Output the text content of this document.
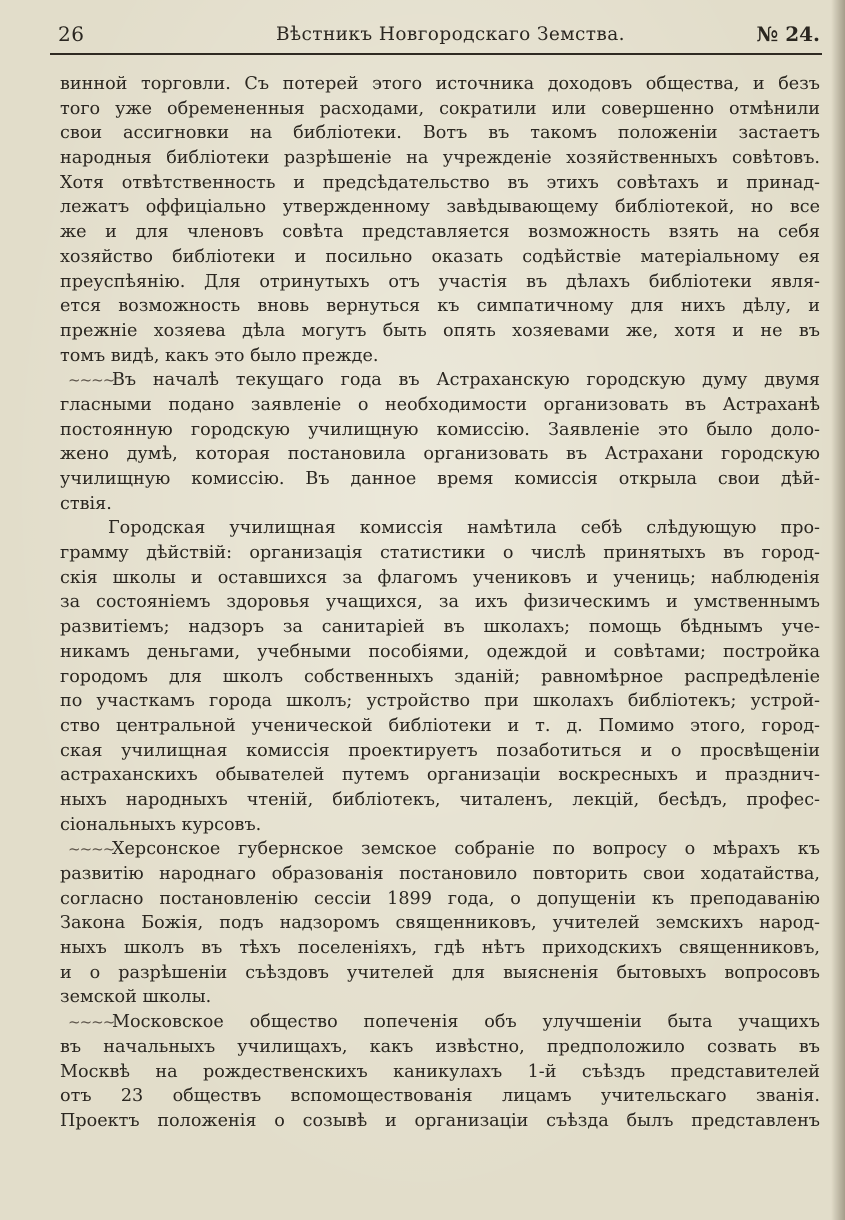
26	Вѣстникъ Новгородскаго Земства.	№ 24.
винной торговли. Съ потерей этого источника доходовъ общества, и безъ
того уже обремененныя расходами, сократили или совершенно отмѣнили
свои ассигновки на библіотеки. Вотъ въ такомъ положеніи застаетъ
народныя библіотеки разрѣшеніе на учрежденіе хозяйственныхъ совѣтовъ.
Хотя отвѣтственность и предсѣдательство въ этихъ совѣтахъ и принад-
лежатъ оффиціально утвержденному завѣдывающему библіотекой, но все
же и для членовъ совѣта представляется возможность взять на себя
хозяйство библіотеки и посильно оказать содѣйствіе матеріальному ея
преуспѣянію. Для отринутыхъ отъ участія въ дѣлахъ библіотеки явля-
ется возможность вновь вернуться къ симпатичному для нихъ дѣлу, и
прежніе хозяева дѣла могутъ быть опять хозяевами же, хотя и не въ
томъ видѣ, какъ это было прежде.
~~~~Въ началѣ текущаго года въ Астраханскую городскую думу двумя
гласными подано заявленіе о необходимости организовать въ Астраханѣ
постоянную городскую училищную комиссію. Заявленіе это было доло-
жено думѣ, которая постановила организовать въ Астрахани городскую
училищную комиссію. Въ данное время комиссія открыла свои дѣй-
ствія.
Городская училищная комиссія намѣтила себѣ слѣдующую про-
грамму дѣйствій: организація статистики о числѣ принятыхъ въ город-
скія школы и оставшихся за флагомъ учениковъ и учениць; наблюденія
за состояніемъ здоровья учащихся, за ихъ физическимъ и умственнымъ
развитіемъ; надзоръ за санитаріей въ школахъ; помощь бѣднымъ уче-
никамъ деньгами, учебными пособіями, одеждой и совѣтами; постройка
городомъ для школъ собственныхъ зданій; равномѣрное распредѣленіе
по участкамъ города школъ; устройство при школахъ библіотекъ; устрой-
ство центральной ученической библіотеки и т. д. Помимо этого, город-
ская училищная комиссія проектируетъ позаботиться и о просвѣщеніи
астраханскихъ обывателей путемъ организаціи воскресныхъ и празднич-
ныхъ народныхъ чтеній, библіотекъ, читаленъ, лекцій, бесѣдъ, профес-
сіональныхъ курсовъ.
~~~~Херсонское губернское земское собраніе по вопросу о мѣрахъ къ
развитію народнаго образованія постановило повторить свои ходатайства,
согласно постановленію сессіи 1899 года, о допущеніи къ преподаванію
Закона Божія, подъ надзоромъ священниковъ, учителей земскихъ народ-
ныхъ школъ въ тѣхъ поселеніяхъ, гдѣ нѣтъ приходскихъ священниковъ,
и о разрѣшеніи съѣздовъ учителей для выясненія бытовыхъ вопросовъ
земской школы.
~~~~Московское общество попеченія объ улучшеніи быта учащихъ
въ начальныхъ училищахъ, какъ извѣстно, предположило созвать въ
Москвѣ на рождественскихъ каникулахъ 1-й съѣздъ представителей
отъ 23 обществъ вспомоществованія лицамъ учительскаго званія.
Проектъ положенія о созывѣ и организаціи съѣзда былъ представленъ
